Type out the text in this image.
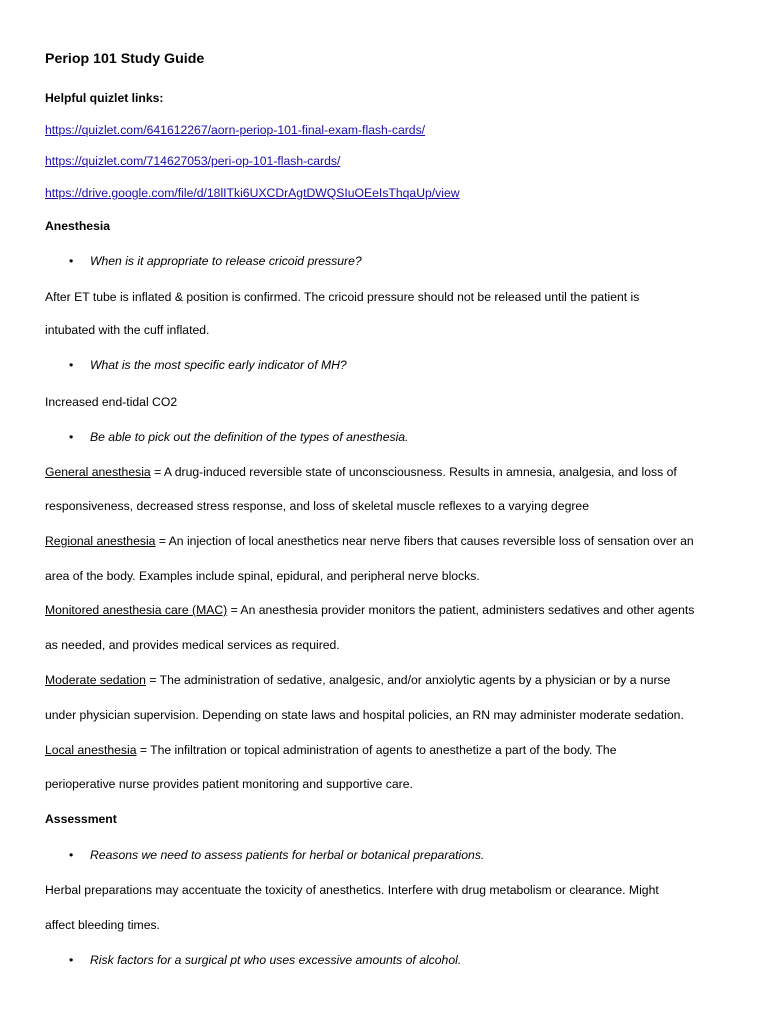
Periop 101 Study Guide
Helpful quizlet links:
https://quizlet.com/641612267/aorn-periop-101-final-exam-flash-cards/
https://quizlet.com/714627053/peri-op-101-flash-cards/
https://drive.google.com/file/d/18lITki6UXCDrAgtDWQSIuOEeIsThqaUp/view
Anesthesia
• When is it appropriate to release cricoid pressure?
After ET tube is inflated & position is confirmed. The cricoid pressure should not be released until the patient is
intubated with the cuff inflated.
• What is the most specific early indicator of MH?
Increased end-tidal CO2
• Be able to pick out the definition of the types of anesthesia.
General anesthesia = A drug-induced reversible state of unconsciousness. Results in amnesia, analgesia, and loss of
responsiveness, decreased stress response, and loss of skeletal muscle reflexes to a varying degree
Regional anesthesia = An injection of local anesthetics near nerve fibers that causes reversible loss of sensation over an
area of the body. Examples include spinal, epidural, and peripheral nerve blocks.
Monitored anesthesia care (MAC) = An anesthesia provider monitors the patient, administers sedatives and other agents
as needed, and provides medical services as required.
Moderate sedation = The administration of sedative, analgesic, and/or anxiolytic agents by a physician or by a nurse
under physician supervision. Depending on state laws and hospital policies, an RN may administer moderate sedation.
Local anesthesia = The infiltration or topical administration of agents to anesthetize a part of the body. The
perioperative nurse provides patient monitoring and supportive care.
Assessment
• Reasons we need to assess patients for herbal or botanical preparations.
Herbal preparations may accentuate the toxicity of anesthetics. Interfere with drug metabolism or clearance. Might
affect bleeding times.
• Risk factors for a surgical pt who uses excessive amounts of alcohol.
